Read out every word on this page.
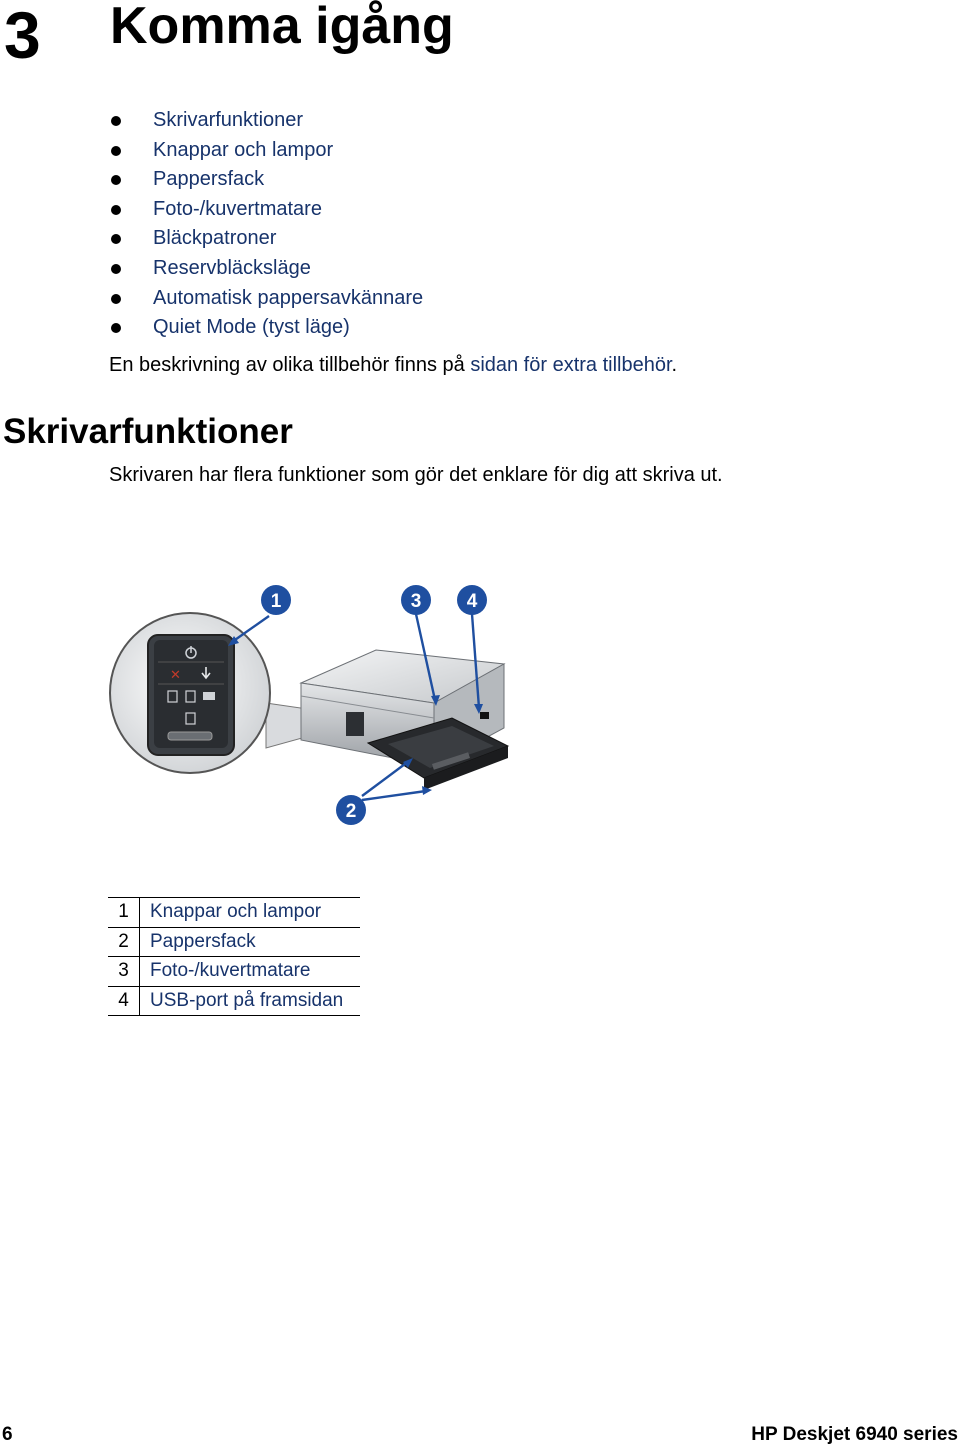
3 Komma igång
Skrivarfunktioner
Knappar och lampor
Pappersfack
Foto-/kuvertmatare
Bläckpatroner
Reservbläcksläge
Automatisk pappersavkännare
Quiet Mode (tyst läge)
En beskrivning av olika tillbehör finns på sidan för extra tillbehör.
Skrivarfunktioner
Skrivaren har flera funktioner som gör det enklare för dig att skriva ut.
✕
1	3 4
2
1	Knappar och lampor
2	Pappersfack
3	Foto-/kuvertmatare
4	USB-port på framsidan
6	HP Deskjet 6940 series
